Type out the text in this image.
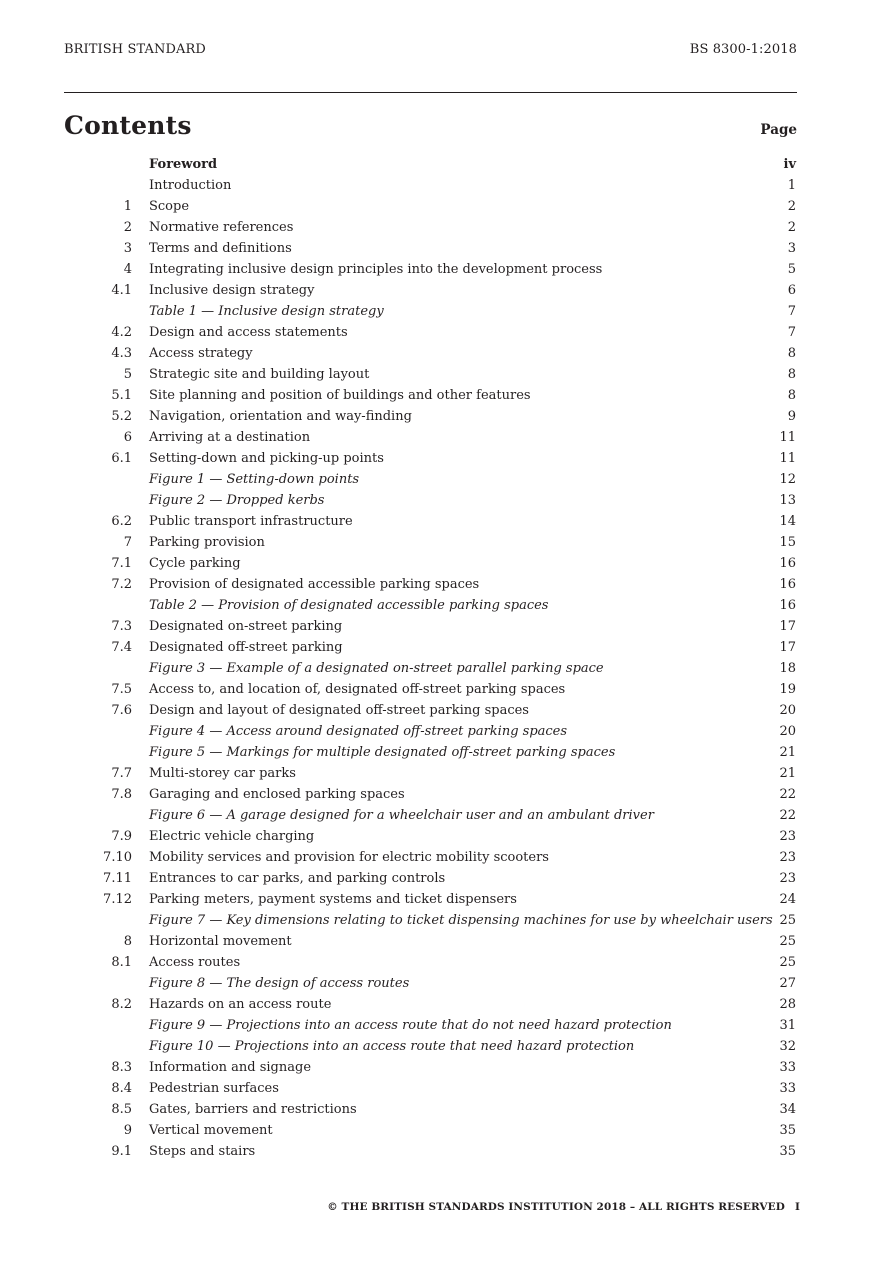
BRITISH STANDARD	BS 8300-1:2018
Contents	Page
Foreword	iv
Introduction	1
1 Scope	2
2 Normative references	2
3 Terms and definitions	3
4 Integrating inclusive design principles into the development process	5
4.1 Inclusive design strategy	6
Table 1 — Inclusive design strategy	7
4.2 Design and access statements	7
4.3 Access strategy	8
5 Strategic site and building layout	8
5.1 Site planning and position of buildings and other features	8
5.2 Navigation, orientation and way-finding	9
6 Arriving at a destination	11
6.1 Setting-down and picking-up points	11
Figure 1 — Setting-down points	12
Figure 2 — Dropped kerbs	13
6.2 Public transport infrastructure	14
7 Parking provision	15
7.1 Cycle parking	16
7.2 Provision of designated accessible parking spaces	16
Table 2 — Provision of designated accessible parking spaces	16
7.3 Designated on-street parking	17
7.4 Designated off-street parking	17
Figure 3 — Example of a designated on-street parallel parking space	18
7.5 Access to, and location of, designated off-street parking spaces	19
7.6 Design and layout of designated off-street parking spaces	20
Figure 4 — Access around designated off-street parking spaces	20
Figure 5 — Markings for multiple designated off-street parking spaces	21
7.7 Multi-storey car parks	21
7.8 Garaging and enclosed parking spaces	22
Figure 6 — A garage designed for a wheelchair user and an ambulant driver	22
7.9 Electric vehicle charging	23
7.10 Mobility services and provision for electric mobility scooters	23
7.11 Entrances to car parks, and parking controls	23
7.12 Parking meters, payment systems and ticket dispensers	24
Figure 7 — Key dimensions relating to ticket dispensing machines for use by wheelchair users 25
8 Horizontal movement	25
8.1 Access routes	25
Figure 8 — The design of access routes	27
8.2 Hazards on an access route	28
Figure 9 — Projections into an access route that do not need hazard protection	31
Figure 10 — Projections into an access route that need hazard protection	32
8.3 Information and signage	33
8.4 Pedestrian surfaces	33
8.5 Gates, barriers and restrictions	34
9 Vertical movement	35
9.1 Steps and stairs	35
© THE BRITISH STANDARDS INSTITUTION 2018 – ALL RIGHTS RESERVED I
